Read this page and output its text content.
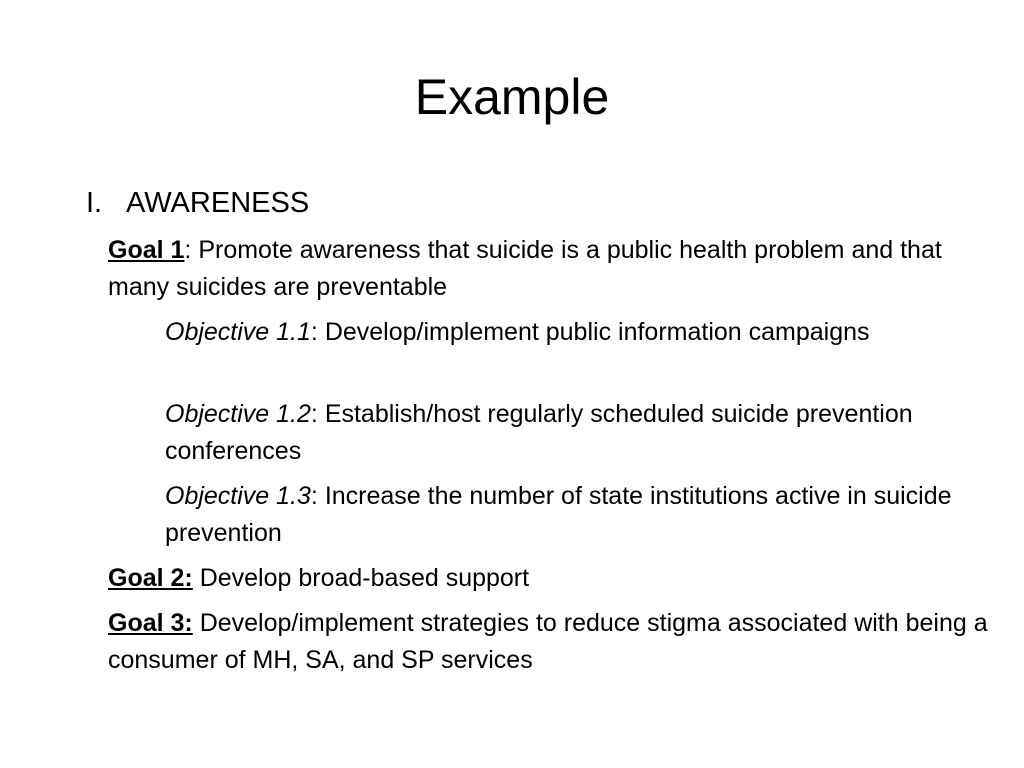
Example
I. AWARENESS

Goal 1: Promote awareness that suicide is a public health problem and that many suicides are preventable

Objective 1.1: Develop/implement public information campaigns

Objective 1.2: Establish/host regularly scheduled suicide prevention conferences

Objective 1.3: Increase the number of state institutions active in suicide prevention

Goal 2: Develop broad-based support

Goal 3: Develop/implement strategies to reduce stigma associated with being a consumer of MH, SA, and SP services
